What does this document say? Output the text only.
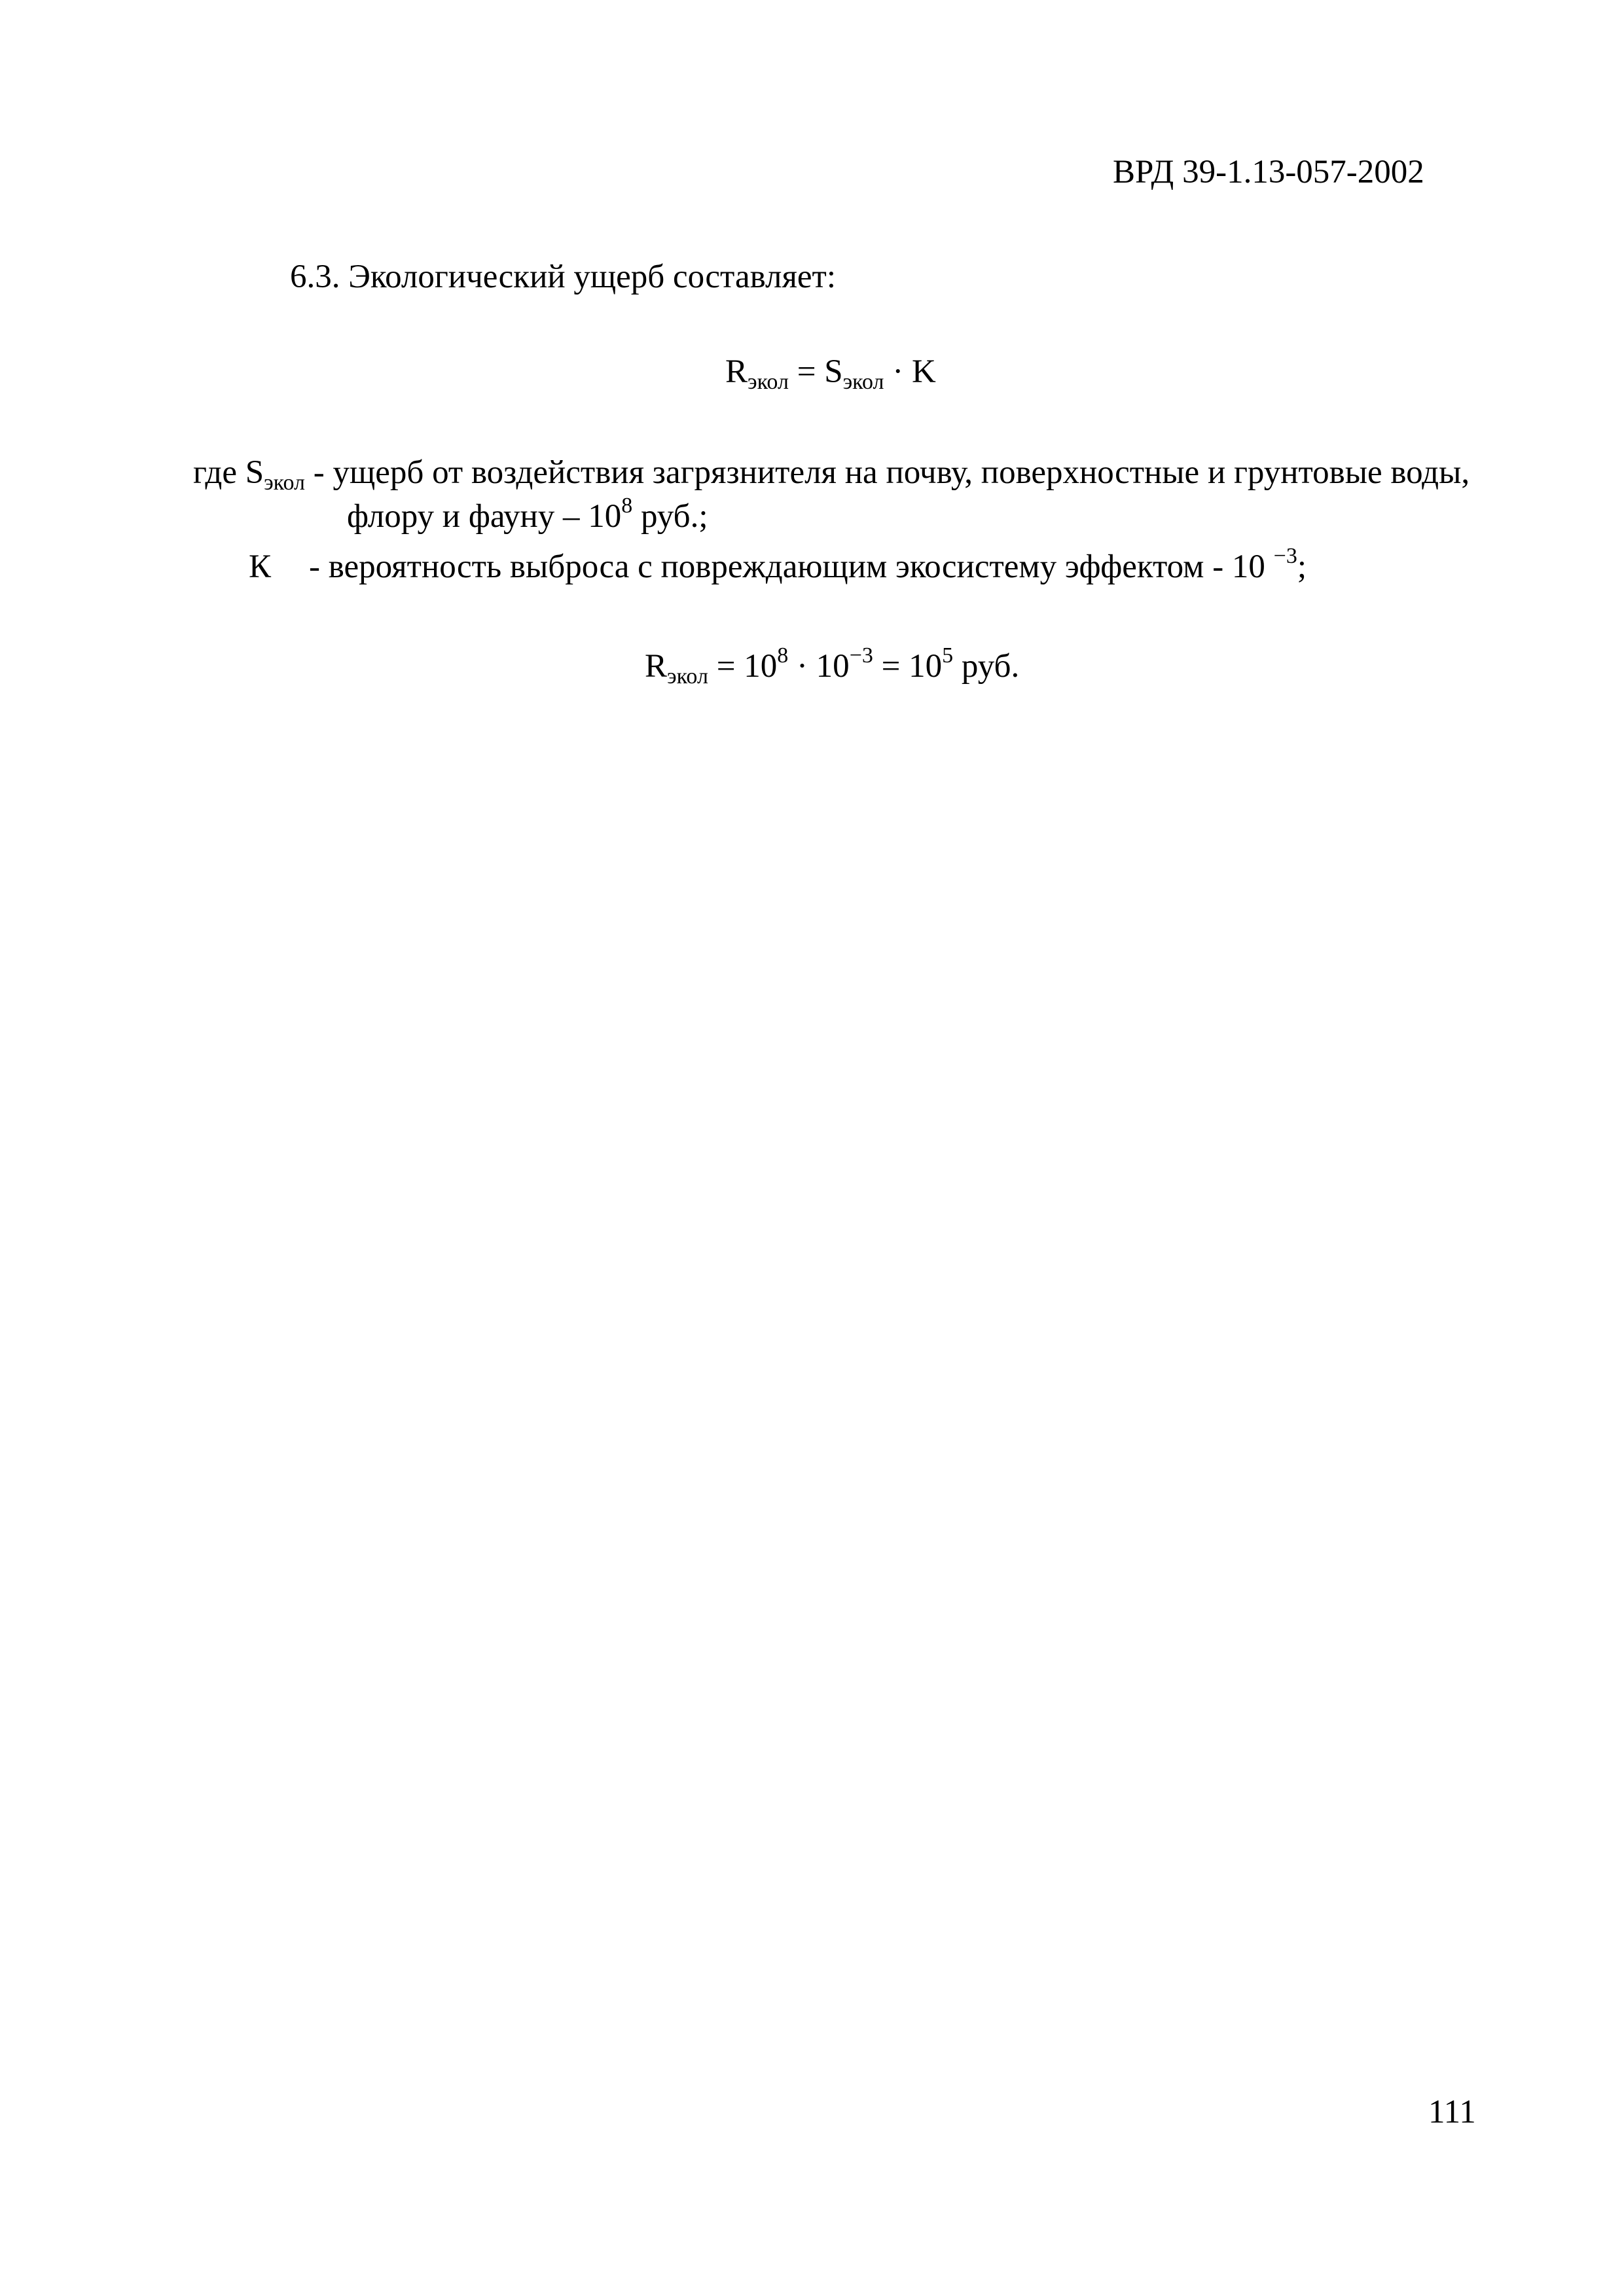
ВРД 39-1.13-057-2002
6.3. Экологический ущерб составляет:
Rэкол = Sэкол · K
где Sэкол - ущерб от воздействия загрязнителя на почву, поверхностные и грунтовые воды,
флору и фауну – $10^8$ руб.;
К - вероятность выброса с повреждающим экосистему эффектом - 10 $^{-3}$;
Rэкол = $10^8 \cdot 10^{-3} = 10^5$ руб.
111
